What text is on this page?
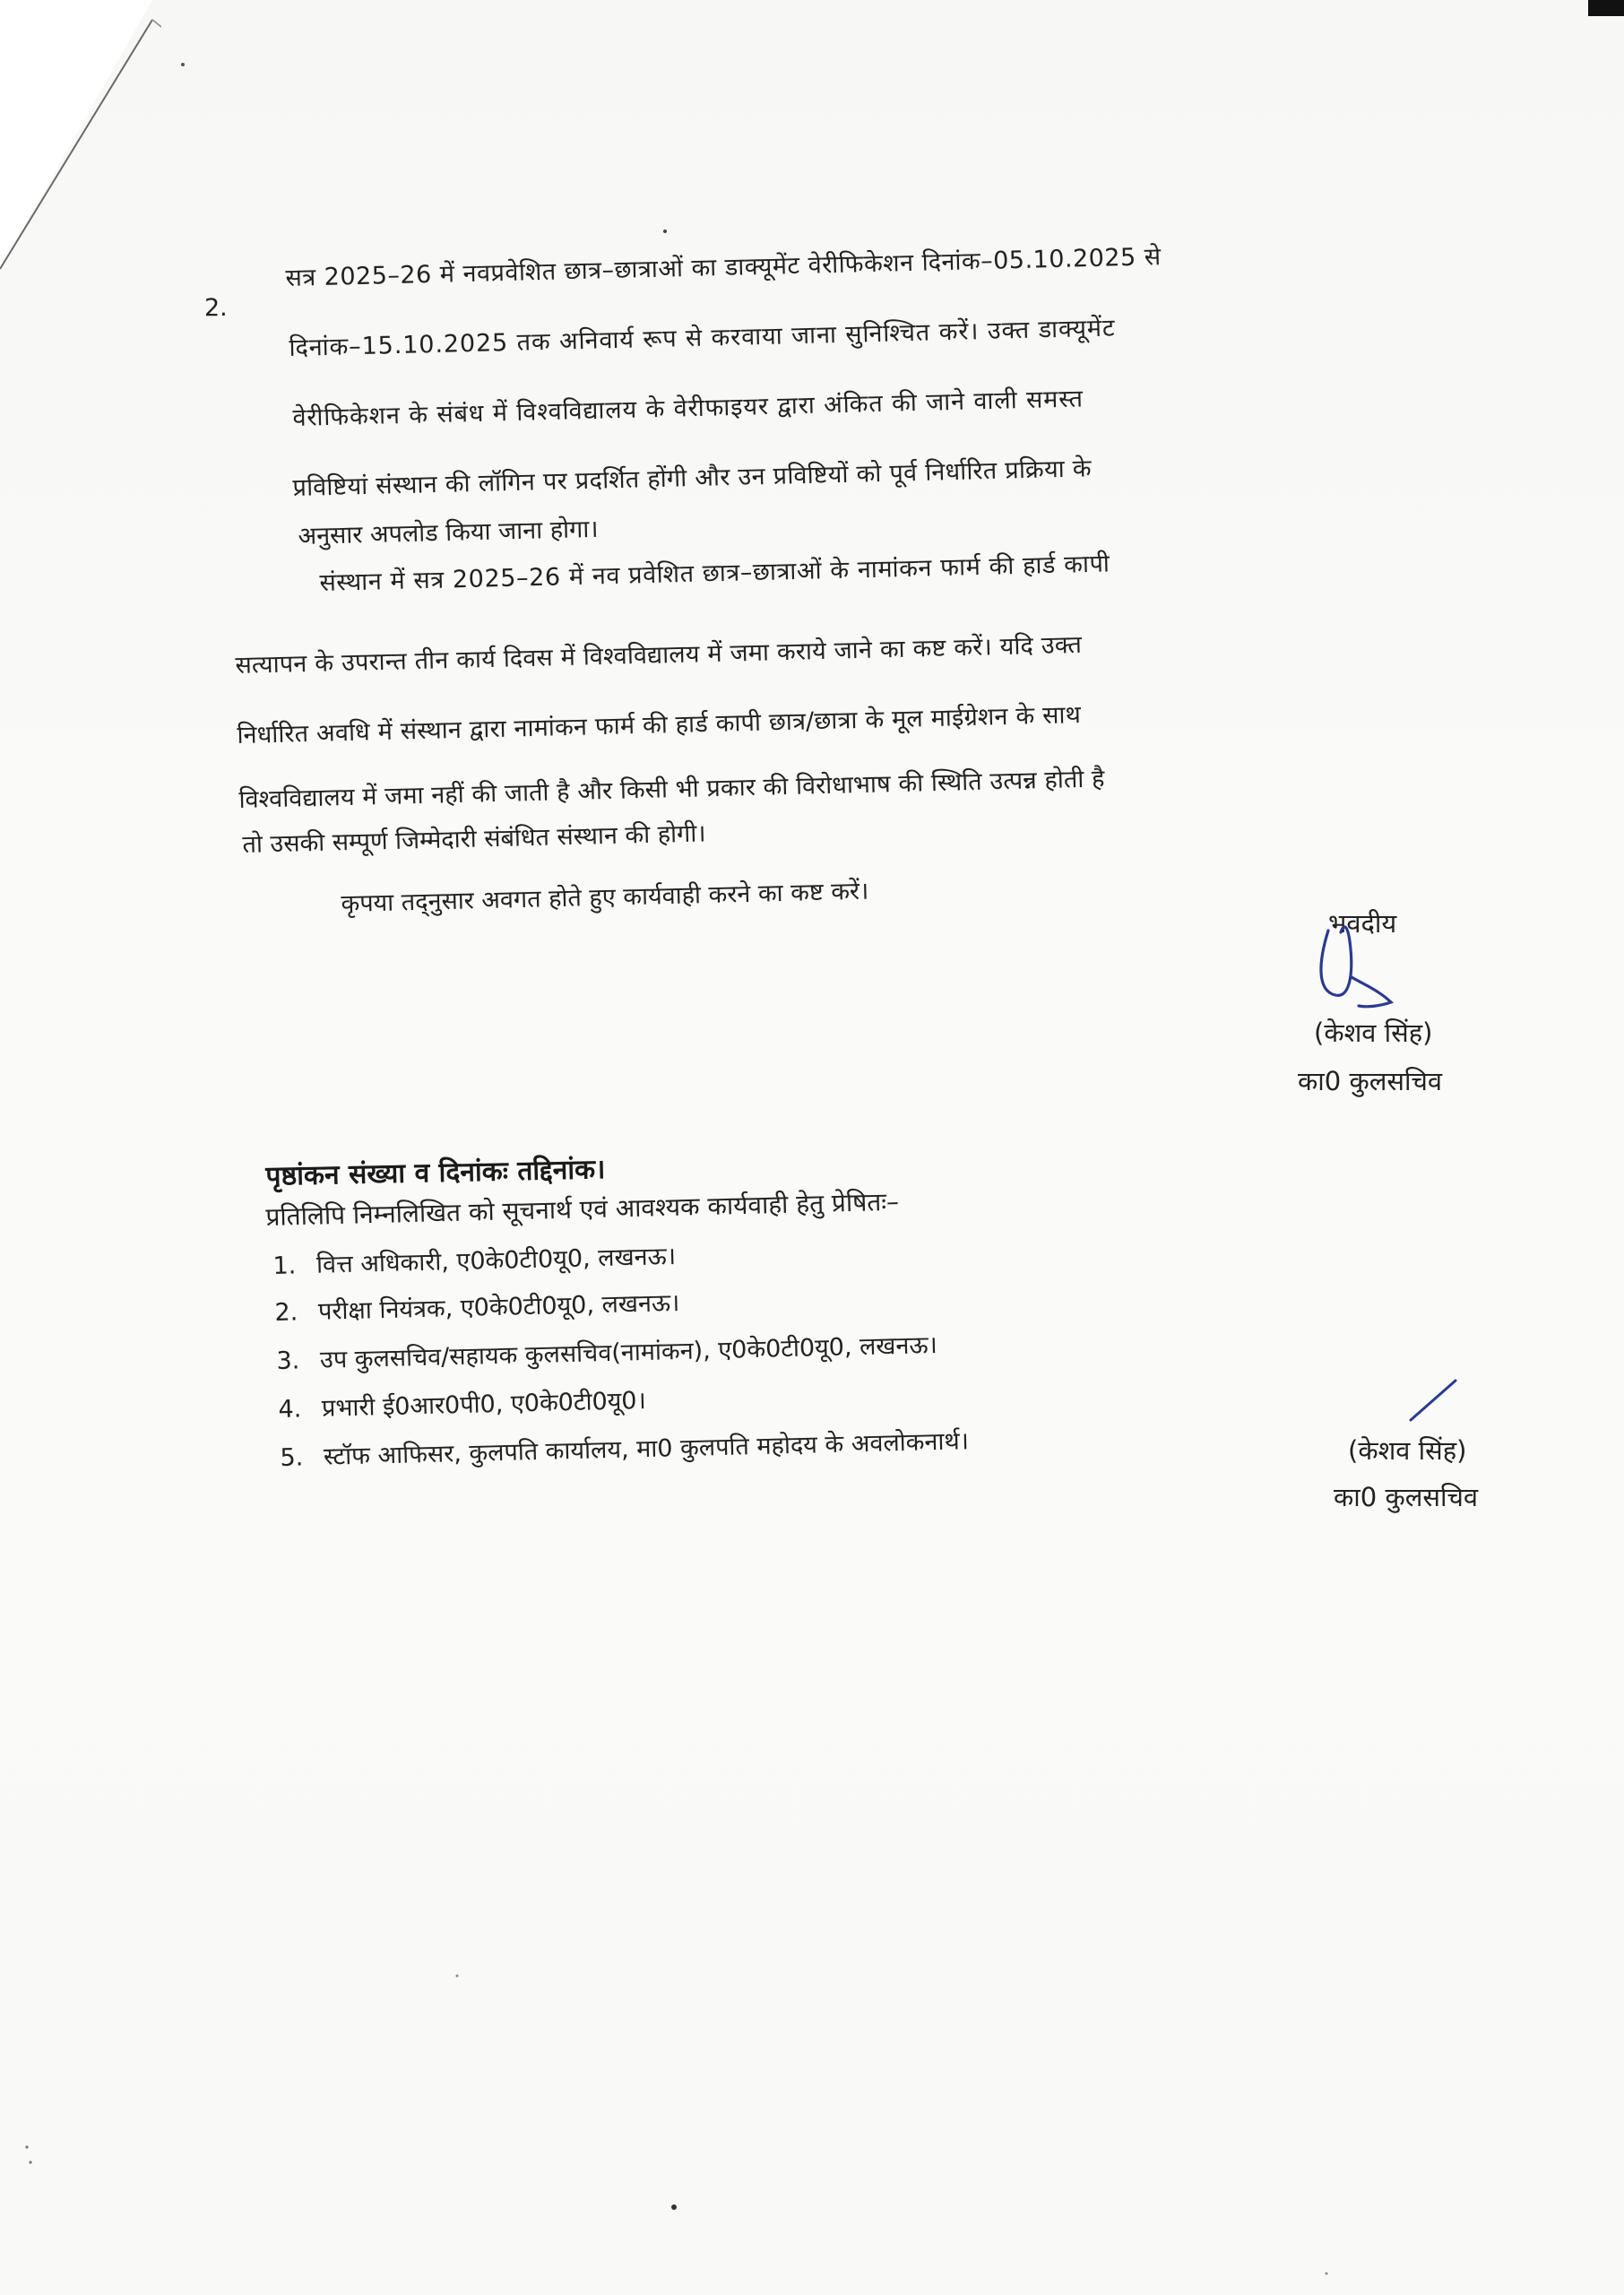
2.
सत्र 2025–26 में नवप्रवेशित छात्र–छात्राओं का डाक्यूमेंट वेरीफिकेशन दिनांक–05.10.2025 से
दिनांक–15.10.2025 तक अनिवार्य रूप से करवाया जाना सुनिश्चित करें। उक्त डाक्यूमेंट
वेरीफिकेशन के संबंध में विश्वविद्यालय के वेरीफाइयर द्वारा अंकित की जाने वाली समस्त
प्रविष्टियां संस्थान की लॉगिन पर प्रदर्शित होंगी और उन प्रविष्टियों को पूर्व निर्धारित प्रक्रिया के
अनुसार अपलोड किया जाना होगा।
संस्थान में सत्र 2025–26 में नव प्रवेशित छात्र–छात्राओं के नामांकन फार्म की हार्ड कापी
सत्यापन के उपरान्त तीन कार्य दिवस में विश्वविद्यालय में जमा कराये जाने का कष्ट करें। यदि उक्त
निर्धारित अवधि में संस्थान द्वारा नामांकन फार्म की हार्ड कापी छात्र/छात्रा के मूल माईग्रेशन के साथ
विश्वविद्यालय में जमा नहीं की जाती है और किसी भी प्रकार की विरोधाभाष की स्थिति उत्पन्न होती है
तो उसकी सम्पूर्ण जिम्मेदारी संबंधित संस्थान की होगी।
कृपया तद्नुसार अवगत होते हुए कार्यवाही करने का कष्ट करें।
भवदीय
(केशव सिंह)
का0 कुलसचिव
पृष्ठांकन संख्या व दिनांकः तद्दिनांक।
प्रतिलिपि निम्नलिखित को सूचनार्थ एवं आवश्यक कार्यवाही हेतु प्रेषितः–
1. वित्त अधिकारी, ए0के0टी0यू0, लखनऊ।
2. परीक्षा नियंत्रक, ए0के0टी0यू0, लखनऊ।
3. उप कुलसचिव/सहायक कुलसचिव(नामांकन), ए0के0टी0यू0, लखनऊ।
4. प्रभारी ई0आर0पी0, ए0के0टी0यू0।
5. स्टॉफ आफिसर, कुलपति कार्यालय, मा0 कुलपति महोदय के अवलोकनार्थ।	(केशव सिंह)
का0 कुलसचिव
